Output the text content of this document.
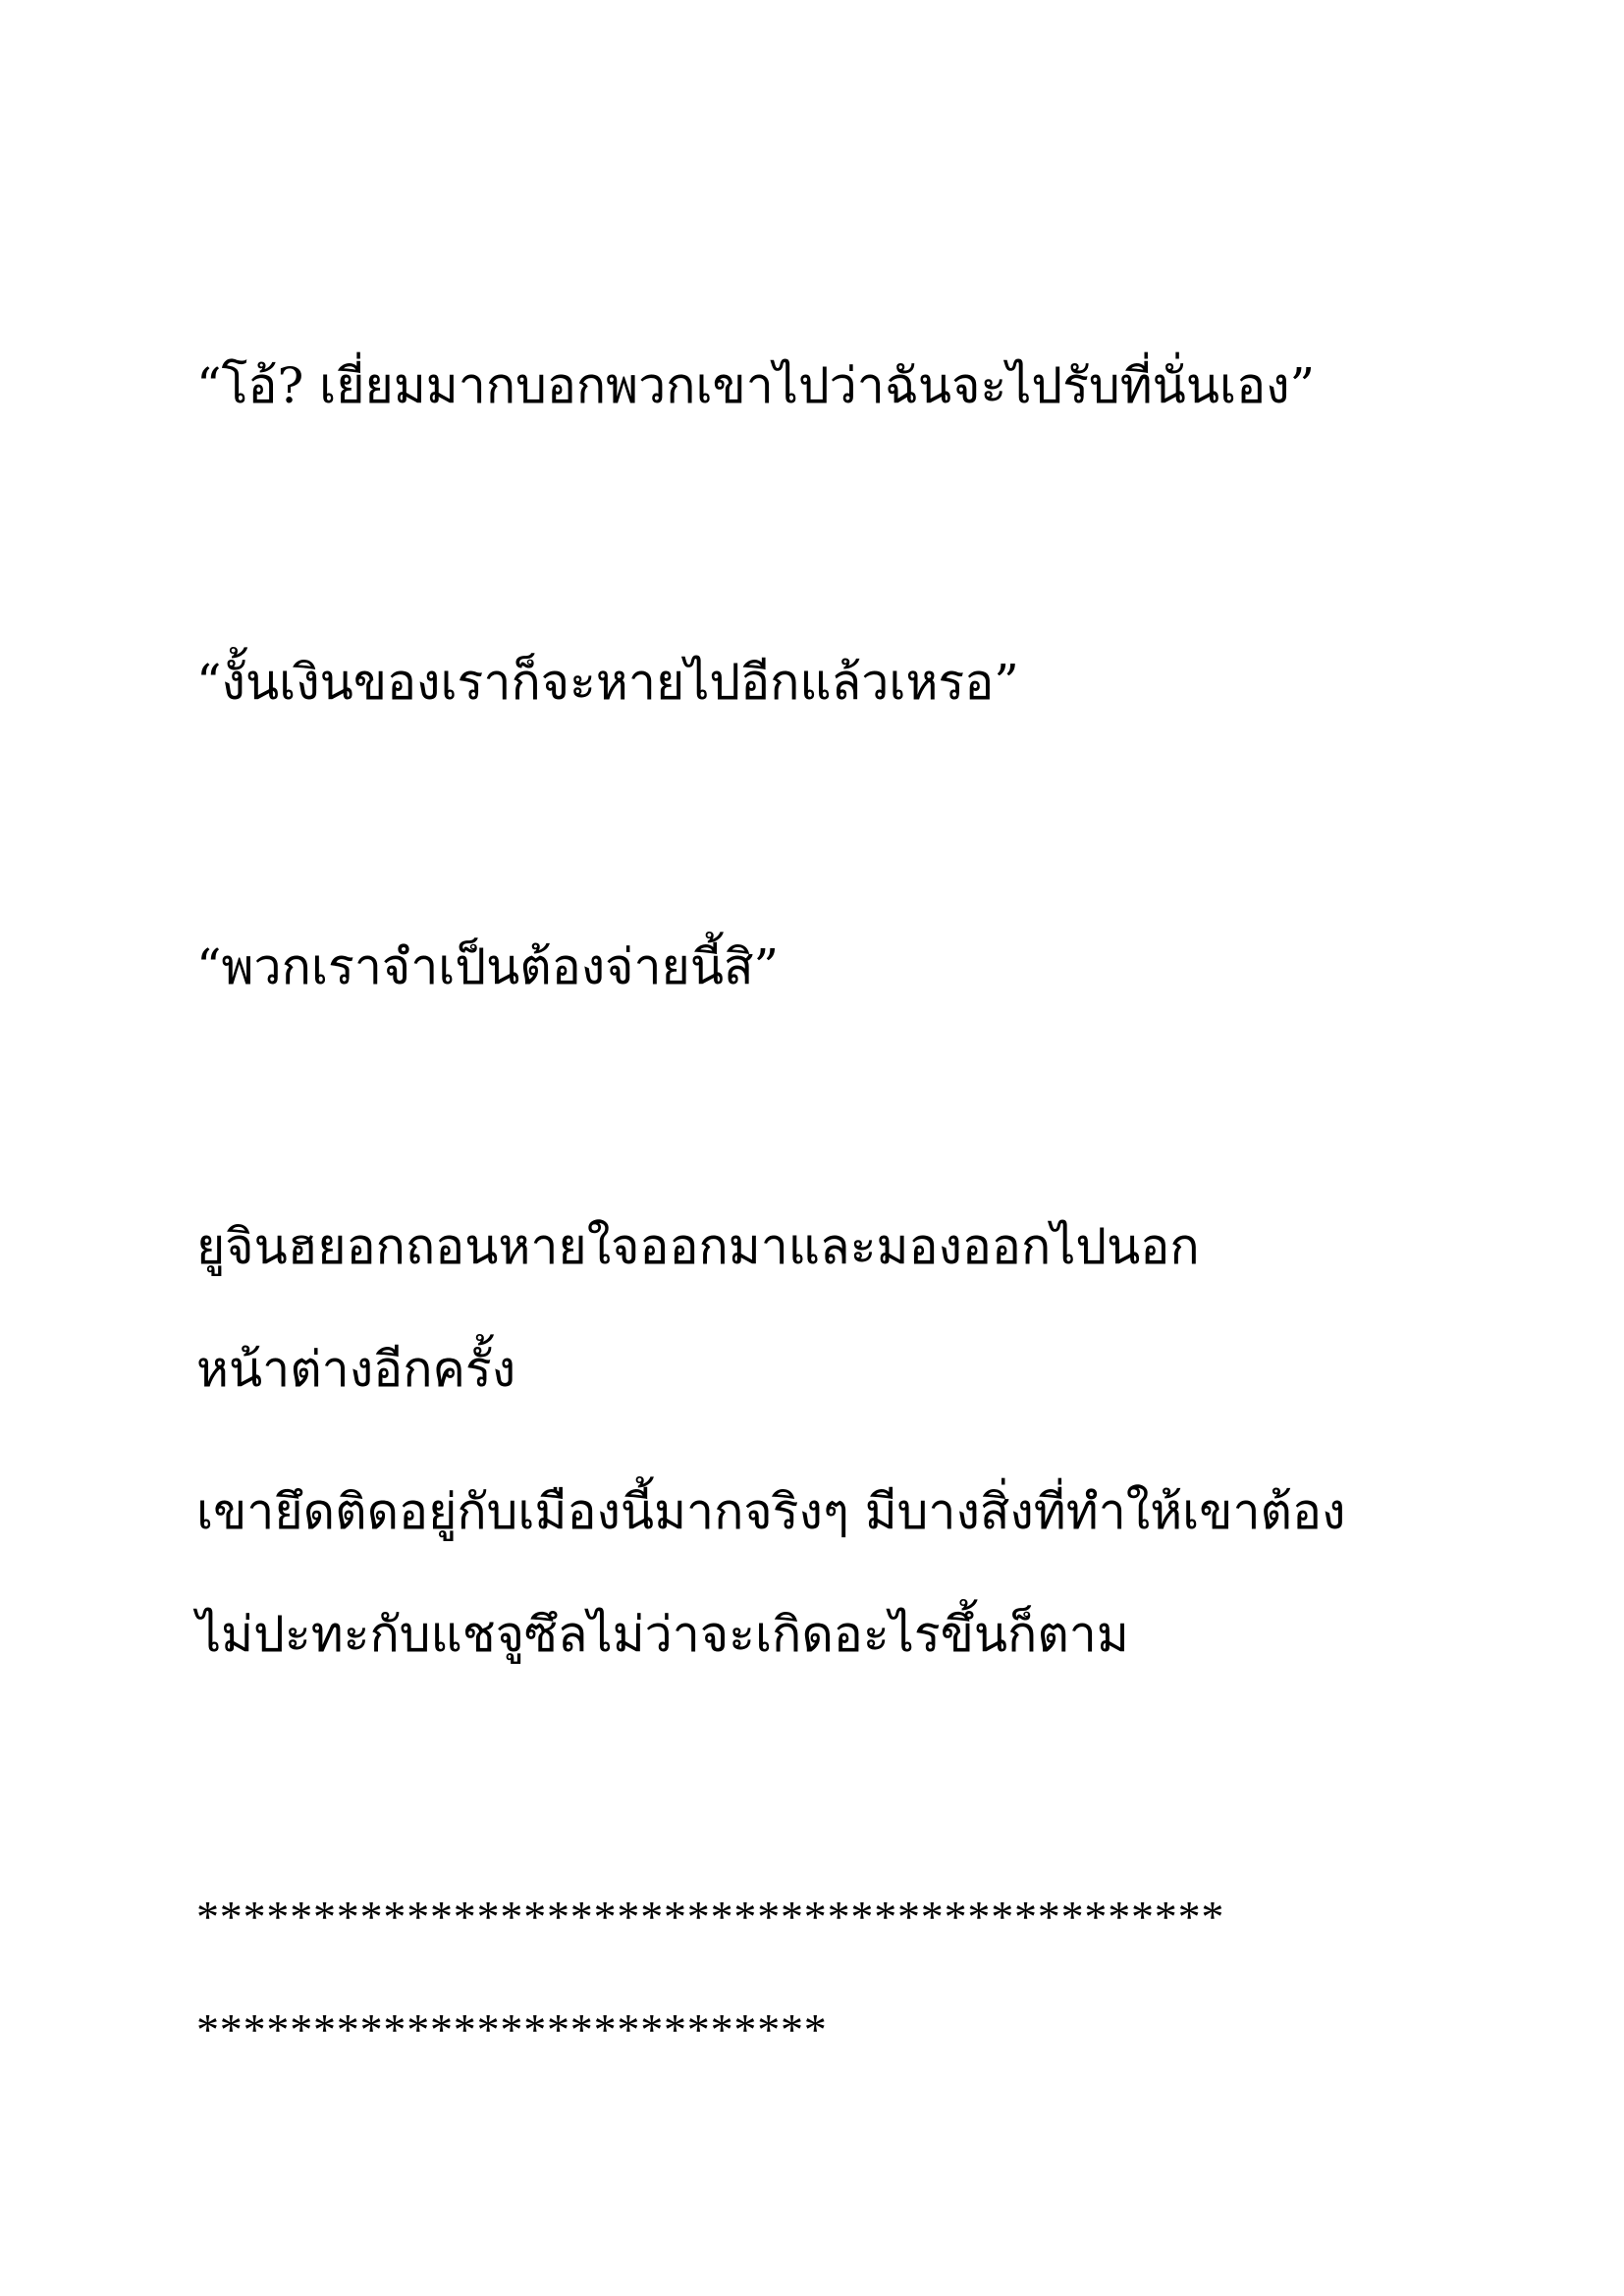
“โอ้? เยี่ยมมากบอกพวกเขาไปว่าฉันจะไปรับที่นั่นเอง”

“งั้นเงินของเราก็จะหายไปอีกแล้วเหรอ”

“พวกเราจำเป็นต้องจ่ายนี้สิ”

ยูจินฮยอกถอนหายใจออกมาและมองออกไปนอก

หน้าต่างอีกครั้ง

เขายึดติดอยู่กับเมืองนี้มากจริงๆ มีบางสิ่งที่ทำให้เขาต้อง

ไม่ปะทะกับแชจูซึลไม่ว่าจะเกิดอะไรขึ้นก็ตาม

********************************************

***************************
